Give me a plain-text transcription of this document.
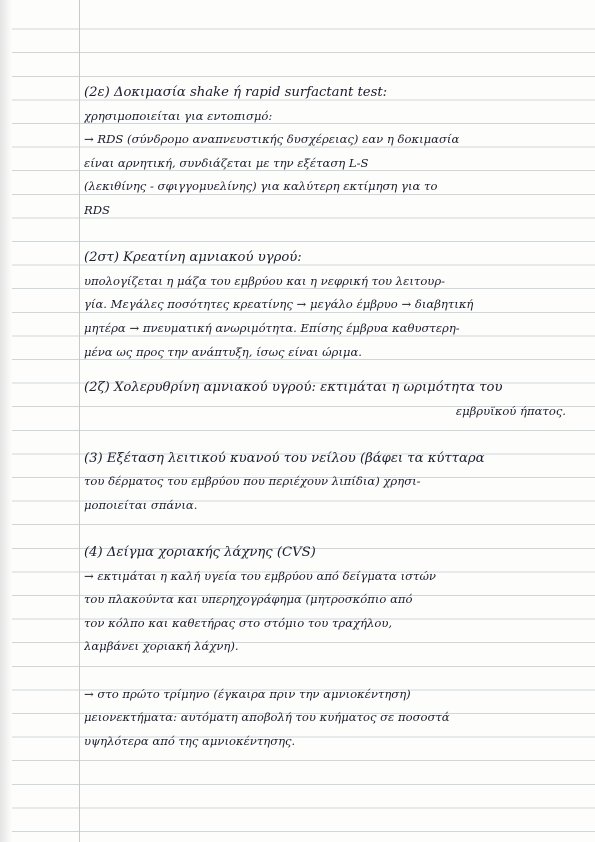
(2ε) Δοκιμασία shake ή rapid surfactant test:
χρησιμοποιείται για εντοπισμό:
→ RDS (σύνδρομο αναπνευστικής δυσχέρειας) εαν η δοκιμασία
είναι αρνητική, συνδιάζεται με την εξέταση L-S
(λεκιθίνης - σφιγγομυελίνης) για καλύτερη εκτίμηση για το
RDS
(2στ) Κρεατίνη αμνιακού υγρού:
υπολογίζεται η μάζα του εμβρύου και η νεφρική του λειτουρ-
γία. Μεγάλες ποσότητες κρεατίνης → μεγάλο έμβρυο → διαβητική
μητέρα → πνευματική ανωριμότητα. Επίσης έμβρυα καθυστερη-
μένα ως προς την ανάπτυξη, ίσως είναι ώριμα.
(2ζ) Χολερυθρίνη αμνιακού υγρού: εκτιμάται η ωριμότητα του
εμβρυϊκού ήπατος.
(3) Εξέταση λειτικού κυανού του νείλου (βάφει τα κύτταρα
του δέρματος του εμβρύου που περιέχουν λιπίδια) χρησι-
μοποιείται σπάνια.
(4) Δείγμα χοριακής λάχνης (CVS)
→ εκτιμάται η καλή υγεία του εμβρύου από δείγματα ιστών
του πλακούντα και υπερηχογράφημα (μητροσκόπιο από
τον κόλπο και καθετήρας στο στόμιο του τραχήλου,
λαμβάνει χοριακή λάχνη).
→ στο πρώτο τρίμηνο (έγκαιρα πριν την αμνιοκέντηση)
μειονεκτήματα: αυτόματη αποβολή του κυήματος σε ποσοστά
υψηλότερα από της αμνιοκέντησης.
